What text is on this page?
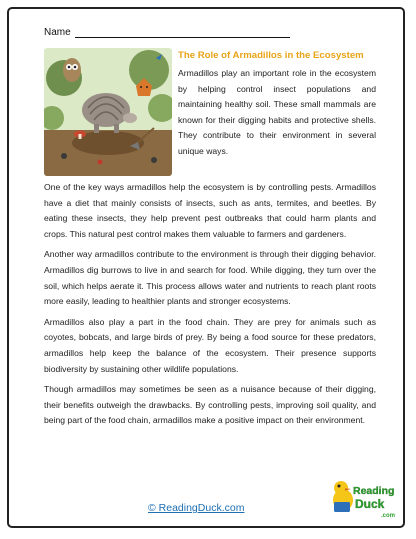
Name
The Role of Armadillos in the Ecosystem
Armadillos play an important role in the ecosystem by helping control insect populations and maintaining healthy soil. These small mammals are known for their digging habits and protective shells. They contribute to their environment in several unique ways.

One of the key ways armadillos help the ecosystem is by controlling pests. Armadillos have a diet that mainly consists of insects, such as ants, termites, and beetles. By eating these insects, they help prevent pest outbreaks that could harm plants and crops. This natural pest control makes them valuable to farmers and gardeners.

Another way armadillos contribute to the environment is through their digging behavior. Armadillos dig burrows to live in and search for food. While digging, they turn over the soil, which helps aerate it. This process allows water and nutrients to reach plant roots more easily, leading to healthier plants and stronger ecosystems.

Armadillos also play a part in the food chain. They are prey for animals such as coyotes, bobcats, and large birds of prey. By being a food source for these predators, armadillos help keep the balance of the ecosystem. Their presence supports biodiversity by sustaining other wildlife populations.

Though armadillos may sometimes be seen as a nuisance because of their digging, their benefits outweigh the drawbacks. By controlling pests, improving soil quality, and being part of the food chain, armadillos make a positive impact on their environment.

© ReadingDuck.com
Reading
Duck
.com
